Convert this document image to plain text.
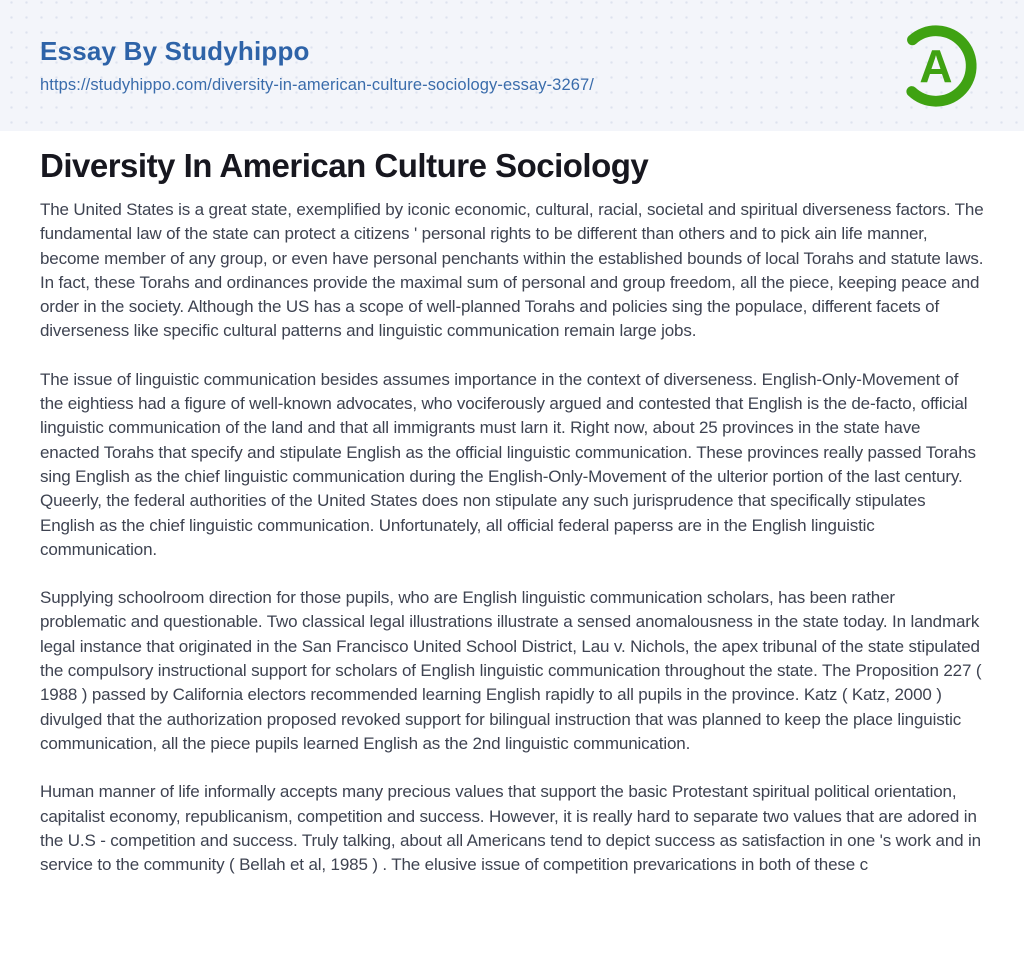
Essay By Studyhippo
https://studyhippo.com/diversity-in-american-culture-sociology-essay-3267/	A
Diversity In American Culture Sociology

The United States is a great state, exemplified by iconic economic, cultural, racial, societal and spiritual diverseness factors. The fundamental law of the state can protect a citizens ' personal rights to be different than others and to pick ain life manner, become member of any group, or even have personal penchants within the established bounds of local Torahs and statute laws. In fact, these Torahs and ordinances provide the maximal sum of personal and group freedom, all the piece, keeping peace and order in the society. Although the US has a scope of well-planned Torahs and policies sing the populace, different facets of diverseness like specific cultural patterns and linguistic communication remain large jobs.

The issue of linguistic communication besides assumes importance in the context of diverseness. English-Only-Movement of the eightiess had a figure of well-known advocates, who vociferously argued and contested that English is the de-facto, official linguistic communication of the land and that all immigrants must larn it. Right now, about 25 provinces in the state have enacted Torahs that specify and stipulate English as the official linguistic communication. These provinces really passed Torahs sing English as the chief linguistic communication during the English-Only-Movement of the ulterior portion of the last century. Queerly, the federal authorities of the United States does non stipulate any such jurisprudence that specifically stipulates English as the chief linguistic communication. Unfortunately, all official federal paperss are in the English linguistic communication.

Supplying schoolroom direction for those pupils, who are English linguistic communication scholars, has been rather problematic and questionable. Two classical legal illustrations illustrate a sensed anomalousness in the state today. In landmark legal instance that originated in the San Francisco United School District, Lau v. Nichols, the apex tribunal of the state stipulated the compulsory instructional support for scholars of English linguistic communication throughout the state. The Proposition 227 ( 1988 ) passed by California electors recommended learning English rapidly to all pupils in the province. Katz ( Katz, 2000 ) divulged that the authorization proposed revoked support for bilingual instruction that was planned to keep the place linguistic communication, all the piece pupils learned English as the 2nd linguistic communication.

Human manner of life informally accepts many precious values that support the basic Protestant spiritual political orientation, capitalist economy, republicanism, competition and success. However, it is really hard to separate two values that are adored in the U.S - competition and success. Truly talking, about all Americans tend to depict success as satisfaction in one 's work and in service to the community ( Bellah et al, 1985 ) . The elusive issue of competition prevarications in both of these c
